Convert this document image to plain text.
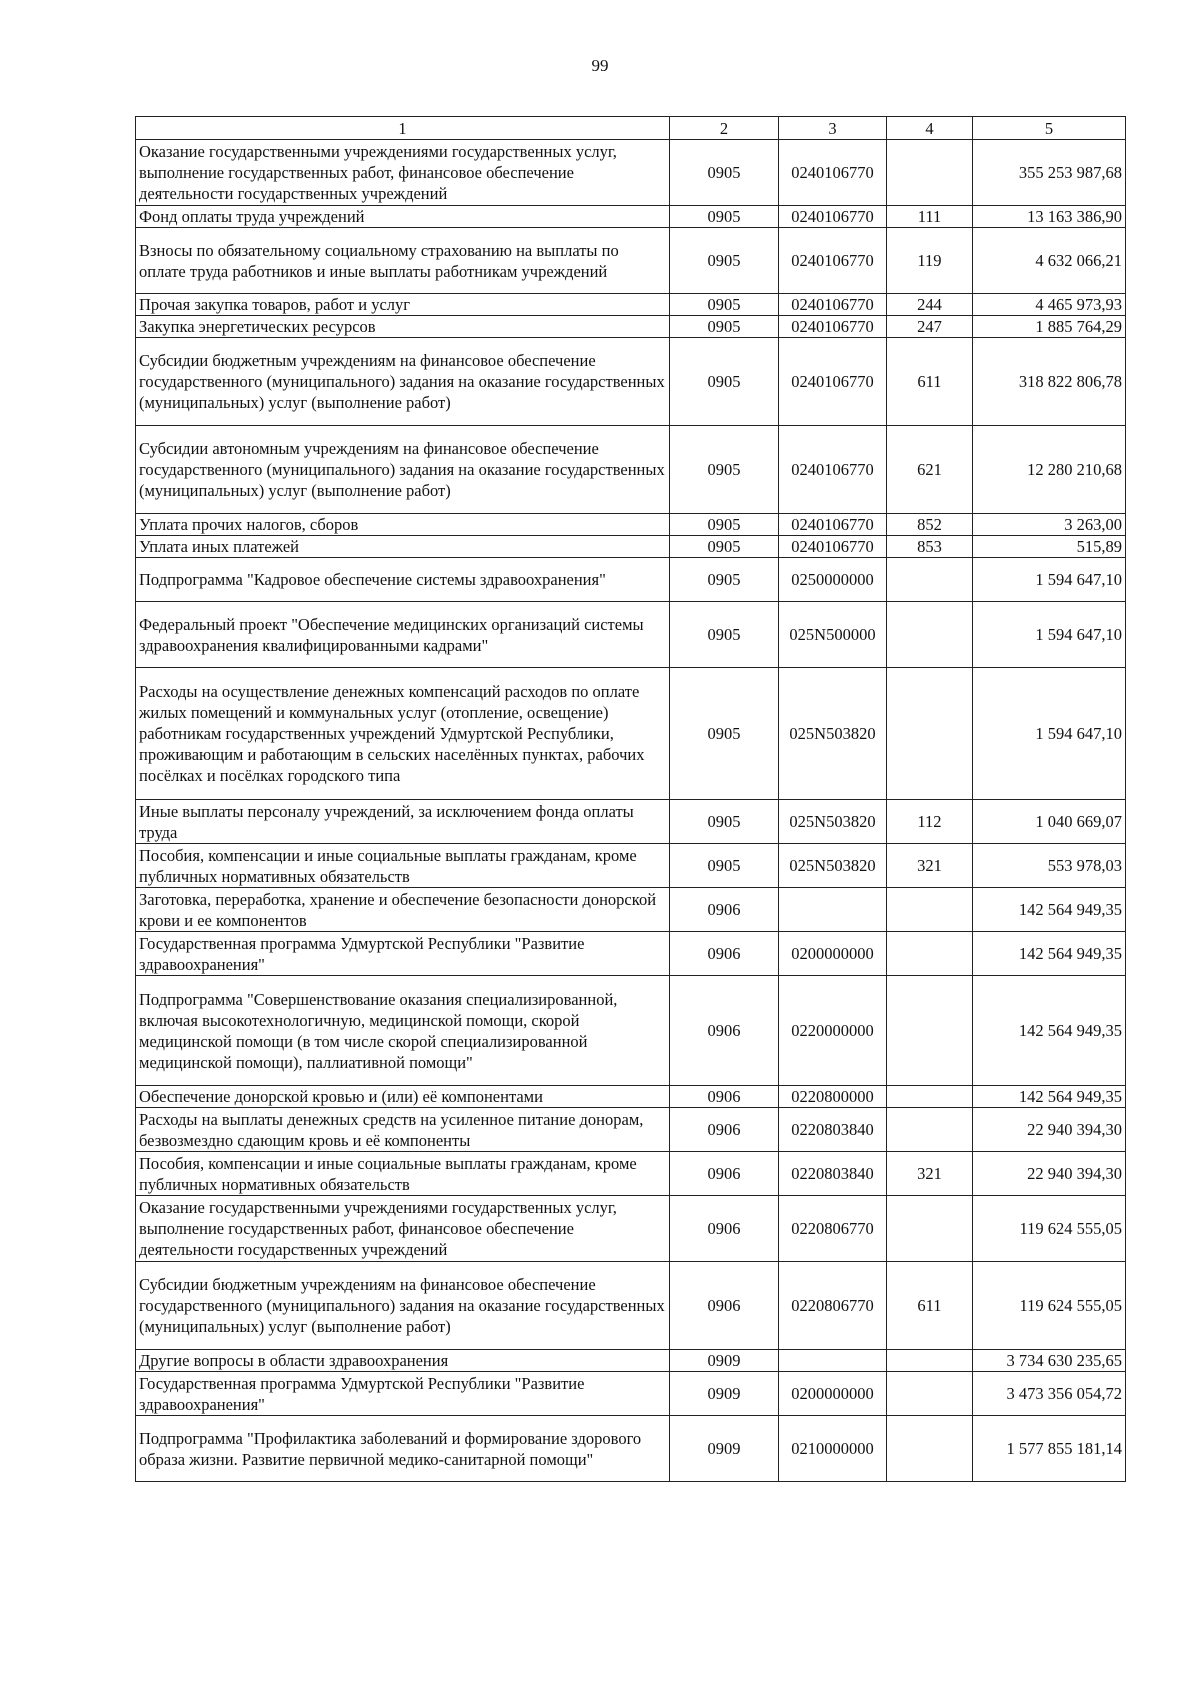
99
1	2	3	4	5
Оказание государственными учреждениями государственных услуг, выполнение государственных работ, финансовое обеспечение деятельности государственных учреждений	0905	0240106770		355 253 987,68
Фонд оплаты труда учреждений	0905	0240106770	111	13 163 386,90
Взносы по обязательному социальному страхованию на выплаты по оплате труда работников и иные выплаты работникам учреждений	0905	0240106770	119	4 632 066,21
Прочая закупка товаров, работ и услуг	0905	0240106770	244	4 465 973,93
Закупка энергетических ресурсов	0905	0240106770	247	1 885 764,29
Субсидии бюджетным учреждениям на финансовое обеспечение государственного (муниципального) задания на оказание государственных (муниципальных) услуг (выполнение работ)	0905	0240106770	611	318 822 806,78
Субсидии автономным учреждениям на финансовое обеспечение государственного (муниципального) задания на оказание государственных (муниципальных) услуг (выполнение работ)	0905	0240106770	621	12 280 210,68
Уплата прочих налогов, сборов	0905	0240106770	852	3 263,00
Уплата иных платежей	0905	0240106770	853	515,89
Подпрограмма "Кадровое обеспечение системы здравоохранения"	0905	0250000000		1 594 647,10
Федеральный проект "Обеспечение медицинских организаций системы здравоохранения квалифицированными кадрами"	0905	025N500000		1 594 647,10
Расходы на осуществление денежных компенсаций расходов по оплате жилых помещений и коммунальных услуг (отопление, освещение) работникам государственных учреждений Удмуртской Республики, проживающим и работающим в сельских населённых пунктах, рабочих посёлках и посёлках городского типа	0905	025N503820		1 594 647,10
Иные выплаты персоналу учреждений, за исключением фонда оплаты труда	0905	025N503820	112	1 040 669,07
Пособия, компенсации и иные социальные выплаты гражданам, кроме публичных нормативных обязательств	0905	025N503820	321	553 978,03
Заготовка, переработка, хранение и обеспечение безопасности донорской крови и ее компонентов	0906			142 564 949,35
Государственная программа Удмуртской Республики "Развитие здравоохранения"	0906	0200000000		142 564 949,35
Подпрограмма "Совершенствование оказания специализированной, включая высокотехнологичную, медицинской помощи, скорой медицинской помощи (в том числе скорой специализированной медицинской помощи), паллиативной помощи"	0906	0220000000		142 564 949,35
Обеспечение донорской кровью и (или) её компонентами	0906	0220800000		142 564 949,35
Расходы на выплаты денежных средств на усиленное питание донорам, безвозмездно сдающим кровь и её компоненты	0906	0220803840		22 940 394,30
Пособия, компенсации и иные социальные выплаты гражданам, кроме публичных нормативных обязательств	0906	0220803840	321	22 940 394,30
Оказание государственными учреждениями государственных услуг, выполнение государственных работ, финансовое обеспечение деятельности государственных учреждений	0906	0220806770		119 624 555,05
Субсидии бюджетным учреждениям на финансовое обеспечение государственного (муниципального) задания на оказание государственных (муниципальных) услуг (выполнение работ)	0906	0220806770	611	119 624 555,05
Другие вопросы в области здравоохранения	0909			3 734 630 235,65
Государственная программа Удмуртской Республики "Развитие здравоохранения"	0909	0200000000		3 473 356 054,72
Подпрограмма "Профилактика заболеваний и формирование здорового образа жизни. Развитие первичной медико-санитарной помощи"	0909	0210000000		1 577 855 181,14
